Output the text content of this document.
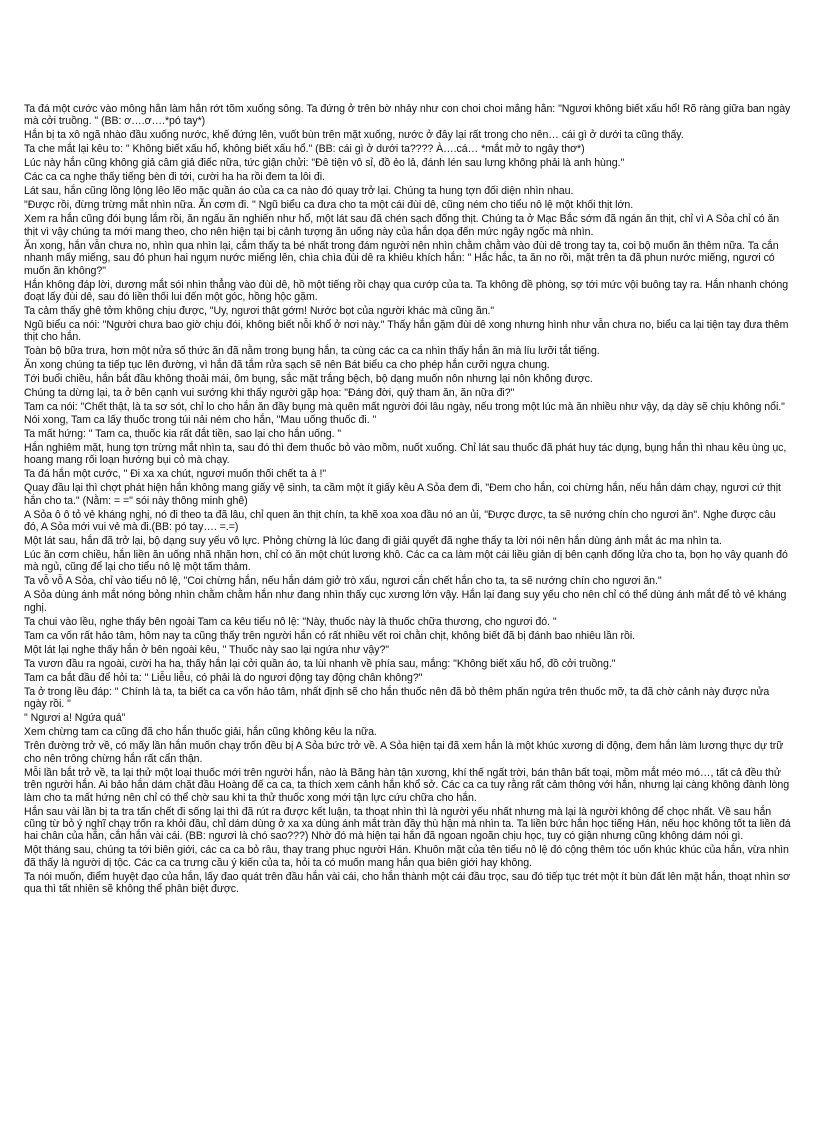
Ta đá một cước vào mông hắn làm hắn rớt tõm xuống sông. Ta đứng ở trên bờ nhảy như con choi choi mắng hắn: "Ngươi không biết xấu hổ! Rõ ràng giữa ban ngày mà cởi truồng. " (BB: ơ….ơ….*pó tay*)

Hắn bị ta xô ngã nhào đầu xuống nước, khế đứng lên, vuốt bùn trên mặt xuống, nước ở đây lại rất trong cho nên… cái gì ở dưới ta cũng thấy.

Ta che mắt lại kêu to: " Không biết xấu hổ, không biết xấu hổ." (BB: cái gì ở dưới ta???? À….cá… *mắt mở to ngây thơ*)

Lúc này hắn cũng không giả câm giả điếc nữa, tức giận chửi: "Đê tiện vô sỉ, đồ ẻo lả, đánh lén sau lưng không phải là anh hùng."

Các ca ca nghe thấy tiếng bèn đi tới, cười ha ha rồi đem ta lôi đi.

Lát sau, hắn cũng lồng lộng lêo lẽo mặc quần áo của ca ca nào đó quay trở lại. Chúng ta hung tợn đối diện nhìn nhau.

"Được rồi, đừng trừng mắt nhìn nữa. Ăn cơm đi. " Ngũ biểu ca đưa cho ta một cái đùi dê, cũng ném cho tiểu nô lệ một khối thịt lớn.

Xem ra hắn cũng đói bụng lắm rồi, ăn ngấu ăn nghiến như hổ, một lát sau đã chén sạch đống thịt. Chúng ta ở Mạc Bắc sớm đã ngán ăn thịt, chỉ vì A Sỏa chỉ có ăn thịt vì vậy chúng ta mới mang theo, cho nên hiện tại bị cảnh tượng ăn uống này của hắn dọa đến mức ngây ngốc mà nhìn.

Ăn xong, hắn vẫn chưa no, nhìn qua nhìn lại, cắm thấy ta bé nhất trong đám người nên nhìn chằm chằm vào đùi dê trong tay ta, coi bộ muốn ăn thêm nữa. Ta cắn nhanh mấy miếng, sau đó phun hai ngụm nước miếng lên, chìa chìa đùi dê ra khiêu khích hắn: " Hắc hắc, ta ăn no rồi, mặt trên ta đã phun nước miếng, ngươi có muốn ăn không?"

Hắn không đáp lời, dương mắt sói nhìn thẳng vào đùi dê, hồ một tiếng rồi chạy qua cướp của ta. Ta không đề phòng, sợ tới mức vội buông tay ra. Hắn nhanh chóng đoạt lấy đùi dê, sau đó liền thối lui đến một góc, hồng hộc gặm.

Ta cảm thấy ghê tởm không chịu được, "Uy, ngươi thật gớm! Nước bọt của người khác mà cũng ăn."

Ngũ biểu ca nói: "Người chưa bao giờ chịu đói, không biết nỗi khổ ở nơi này." Thấy hắn gặm đùi dê xong nhưng hình như vẫn chưa no, biểu ca lại tiện tay đưa thêm thịt cho hắn.

Toàn bộ bữa trưa, hơn một nửa số thức ăn đã nằm trong bụng hắn, ta cùng các ca ca nhìn thấy hắn ăn mà líu lưỡi tắt tiếng.

Ăn xong chúng ta tiếp tục lên đường, vì hắn đã tắm rửa sạch sẽ nên Bát biểu ca cho phép hắn cưỡi ngựa chung.

Tới buổi chiều, hắn bắt đầu không thoải mái, ôm bụng, sắc mặt trắng bệch, bộ dạng muốn nôn nhưng lại nôn không được.

Chúng ta dừng lại, ta ở bên cạnh vui sướng khi thấy người gặp họa: "Đáng đời, quỷ tham ăn, ăn nữa đi?"

Tam ca nói: "Chết thật, là ta sơ sót, chỉ lo cho hắn ăn đầy bụng mà quên mất người đói lâu ngày, nếu trong một lúc mà ăn nhiều như vậy, dạ dày sẽ chịu không nổi." Nói xong, Tam ca lấy thuốc trong túi nải ném cho hắn, "Mau uống thuốc đi. "

Ta mất hứng: " Tam ca, thuốc kia rất đắt tiền, sao lại cho hắn uống. "

Hắn nghiêm mặt, hung tợn trừng mắt nhìn ta, sau đó thì đem thuốc bỏ vào mồm, nuốt xuống. Chỉ lát sau thuốc đã phát huy tác dụng, bụng hắn thì nhau kêu ùng ục, hoang mang rối loạn hướng bụi cỏ mà chạy.

Ta đá hắn một cước, " Đi xa xa chút, ngươi muốn thối chết ta à !"

Quay đầu lại thì chợt phát hiện hắn không mang giấy vệ sinh, ta cầm một ít giấy kêu A Sỏa đem đi, "Đem cho hắn, coi chừng hắn, nếu hắn dám chạy, ngươi cứ thịt hắn cho ta." (Nằm: = =" sói này thông minh ghê)

A Sỏa ô ô tỏ vẻ kháng nghị, nó đi theo ta đã lâu, chỉ quen ăn thịt chín, ta khẽ xoa xoa đầu nó an ủi, "Được được, ta sẽ nướng chín cho ngươi ăn". Nghe được câu đó, A Sỏa mới vui vẻ mà đi.(BB: pó tay…. =.=)

Một lát sau, hắn đã trở lại, bộ dạng suy yếu vô lực. Phỏng chừng là lúc đang đi giải quyết đã nghe thấy ta lời nói nên hắn dùng ánh mắt ác ma nhìn ta.

Lúc ăn cơm chiều, hắn liền ăn uống nhã nhặn hơn, chỉ có ăn một chút lương khô. Các ca ca làm một cái liều giản dị bên cạnh đống lửa cho ta, bọn họ vây quanh đó mà ngủ, cũng để lại cho tiểu nô lệ một tấm thảm.

Ta vỗ vỗ A Sỏa, chỉ vào tiểu nô lệ, "Coi chừng hắn, nếu hắn dám giở trò xấu, ngươi cắn chết hắn cho ta, ta sẽ nướng chín cho ngươi ăn."

A Sỏa dùng ánh mắt nóng bỏng nhìn chằm chằm hắn như đang nhìn thấy cục xương lớn vậy. Hắn lại đang suy yếu cho nên chỉ có thể dùng ánh mắt để tỏ vẻ kháng nghị.

Ta chui vào lều, nghe thấy bên ngoài Tam ca kêu tiểu nô lệ: "Này, thuốc này là thuốc chữa thương, cho ngươi đó. "

Tam ca vốn rất hảo tâm, hôm nay ta cũng thấy trên người hắn có rất nhiều vết roi chằn chịt, không biết đã bị đánh bao nhiêu lần rồi.

Một lát lại nghe thấy hắn ở bên ngoài kêu, " Thuốc này sao lại ngứa như vậy?"

Ta vươn đầu ra ngoài, cười ha ha, thấy hắn lại cởi quần áo, ta lùi nhanh về phía sau, mắng: "Không biết xấu hổ, đồ cởi truồng."

Tam ca bắt đầu để hỏi ta: " Liễu liễu, có phải là do ngươi động tay động chân không?"

Ta ở trong lều đáp: " Chính là ta, ta biết ca ca vốn hảo tâm, nhất định sẽ cho hắn thuốc nên đã bỏ thêm phấn ngứa trên thuốc mỡ, ta đã chờ cảnh này được nửa ngày rồi. "

" Ngươi a! Ngứa quá"

Xem chừng tam ca cũng đã cho hắn thuốc giải, hắn cũng không kêu la nữa.

Trên đường trở về, có mấy lần hắn muốn chạy trốn đều bị A Sỏa bức trở về. A Sỏa hiện tại đã xem hắn là một khúc xương di động, đem hắn làm lương thực dự trữ cho nên trông chừng hắn rất cẩn thận.

Mỗi lần bắt trở về, ta lại thử một loại thuốc mới trên người hắn, nào là Băng hàn tận xương, khí thế ngất trời, bán thân bất toại, mồm mắt méo mó…, tất cả đều thử trên người hắn. Ai bảo hắn dám chặt đầu Hoàng đế ca ca, ta thích xem cảnh hắn khổ sở. Các ca ca tuy rằng rất cảm thông với hắn, nhưng lại càng không đành lòng làm cho ta mất hứng nên chỉ có thể chờ sau khi ta thử thuốc xong mới tận lực cứu chữa cho hắn.

Hắn sau vài lần bị ta tra tấn chết đi sống lại thì đã rút ra được kết luận, ta thoạt nhìn thì là người yếu nhất nhưng mà lại là người không để chọc nhất. Về sau hắn cũng từ bỏ ý nghĩ chạy trốn ra khỏi đầu, chỉ dám dùng ở xa xa dùng ánh mắt tràn đầy thù hận mà nhìn ta. Ta liền bức hắn học tiếng Hán, nếu học không tốt ta liền đá hai chân của hắn, cắn hắn vài cái. (BB: ngươi là chó sao???) Nhờ đó mà hiện tại hắn đã ngoan ngoãn chịu học, tuy có giận nhưng cũng không dám nói gì.

Một tháng sau, chúng ta tới biên giới, các ca ca bỏ râu, thay trang phục người Hán. Khuôn mặt của tên tiểu nô lệ đó cộng thêm tóc uốn khúc khúc của hắn, vừa nhìn đã thấy là người dị tộc. Các ca ca trưng cầu ý kiến của ta, hỏi ta có muốn mang hắn qua biên giới hay không.

Ta nói muốn, điểm huyệt đạo của hắn, lấy đao quát trên đầu hắn vài cái, cho hắn thành một cái đầu trọc, sau đó tiếp tục trét một ít bùn đất lên mặt hắn, thoạt nhìn sơ qua thì tất nhiên sẽ không thể phân biệt được.
